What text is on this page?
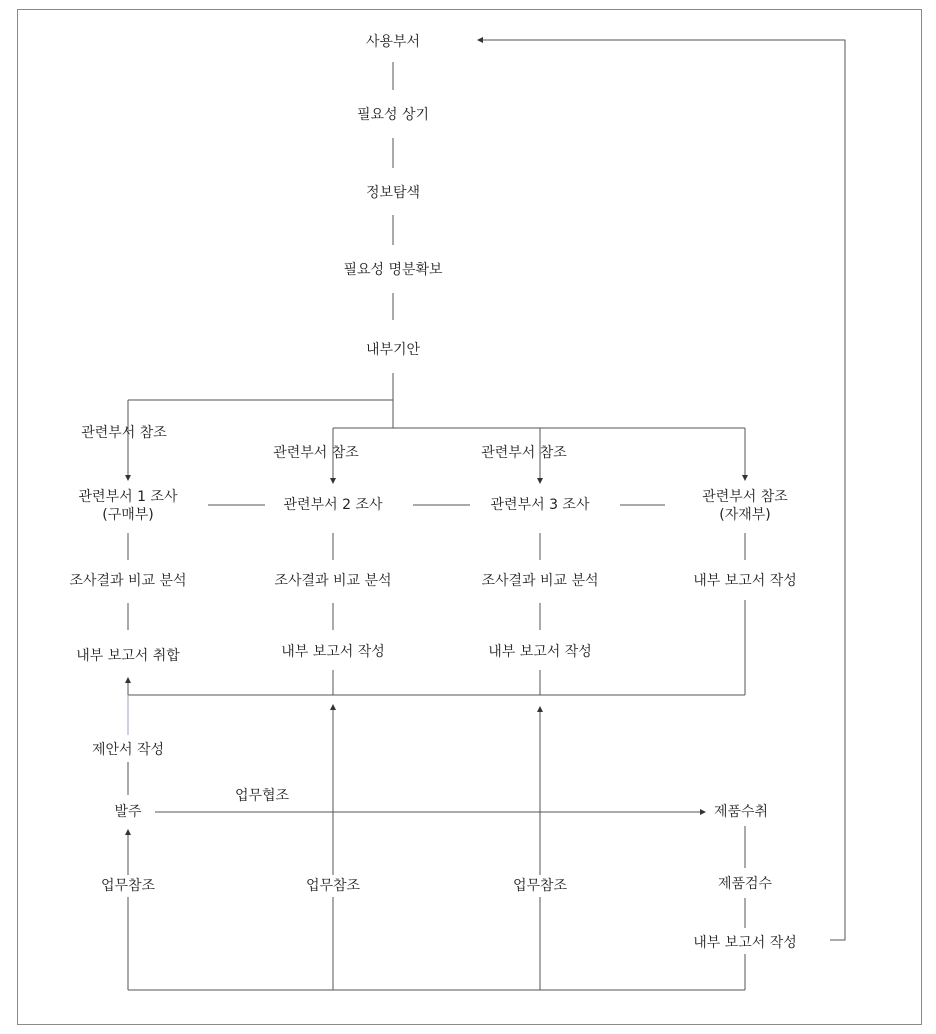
사용부서
필요성 상기
정보탐색
필요성 명분확보
내부기안
관련부서 참조
관련부서 참조	관련부서 참조
관련부서 1 조사
(구매부)
관련부서 2 조사	관련부서 3 조사	관련부서 참조
(자재부)
조사결과 비교 분석	조사결과 비교 분석	조사결과 비교 분석	내부 보고서 작성
내부 보고서 취합	내부 보고서 작성	내부 보고서 작성
제안서 작성
발주
업무협조
제품수취
제품검수
내부 보고서 작성
업무참조	업무참조	업무참조
